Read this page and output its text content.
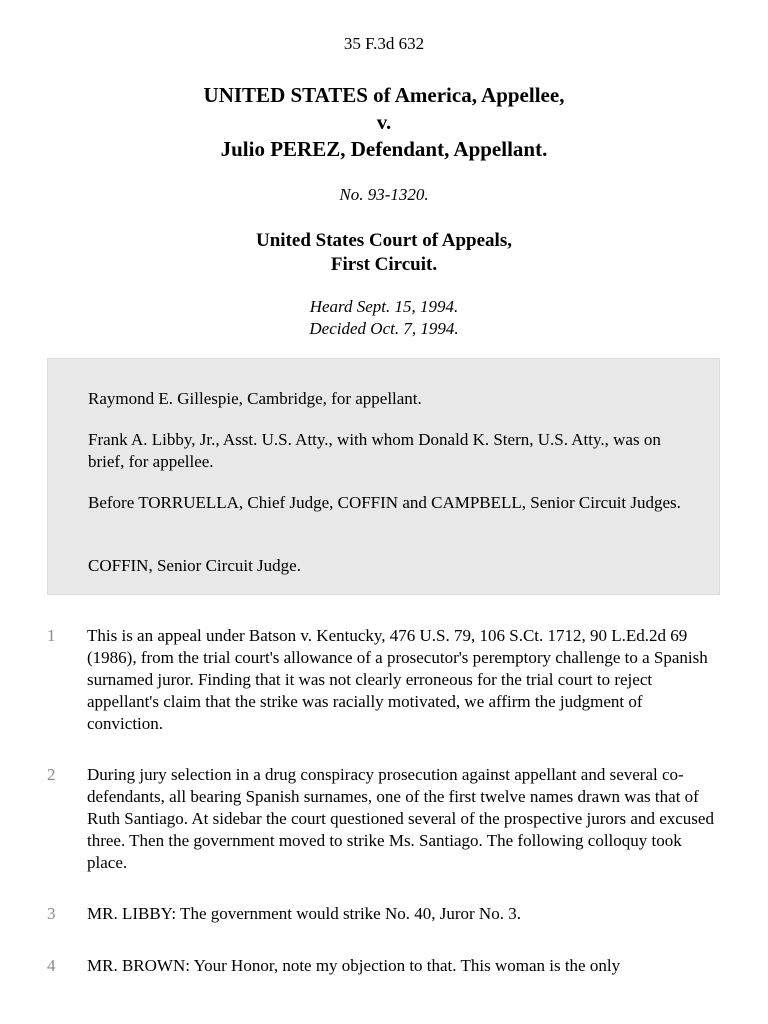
35 F.3d 632
UNITED STATES of America, Appellee,
v.
Julio PEREZ, Defendant, Appellant.
No. 93-1320.
United States Court of Appeals,
First Circuit.
Heard Sept. 15, 1994.
Decided Oct. 7, 1994.

Raymond E. Gillespie, Cambridge, for appellant.

Frank A. Libby, Jr., Asst. U.S. Atty., with whom Donald K. Stern, U.S. Atty., was on brief, for appellee.

Before TORRUELLA, Chief Judge, COFFIN and CAMPBELL, Senior Circuit Judges.

COFFIN, Senior Circuit Judge.

1	This is an appeal under Batson v. Kentucky, 476 U.S. 79, 106 S.Ct. 1712, 90 L.Ed.2d 69 (1986), from the trial court's allowance of a prosecutor's peremptory challenge to a Spanish surnamed juror. Finding that it was not clearly erroneous for the trial court to reject appellant's claim that the strike was racially motivated, we affirm the judgment of conviction.
2	During jury selection in a drug conspiracy prosecution against appellant and several co-defendants, all bearing Spanish surnames, one of the first twelve names drawn was that of Ruth Santiago. At sidebar the court questioned several of the prospective jurors and excused three. Then the government moved to strike Ms. Santiago. The following colloquy took place.
3	MR. LIBBY: The government would strike No. 40, Juror No. 3.
4	MR. BROWN: Your Honor, note my objection to that. This woman is the only
